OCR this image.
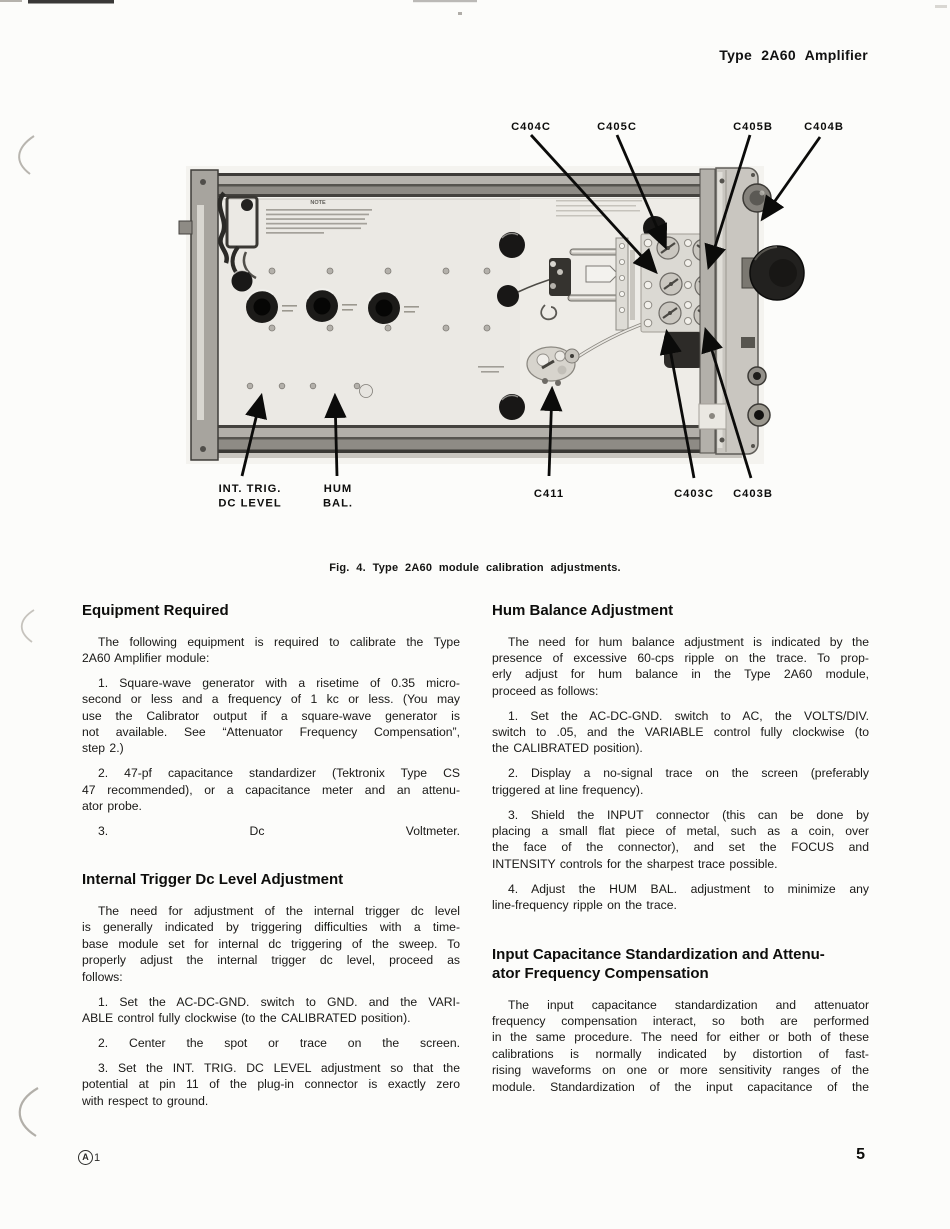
Type 2A60 Amplifier
NOTE
C404C	C405C	C405B	C404B
INT. TRIG.
DC LEVEL
HUM
BAL.
C411	C403C C403B
Fig. 4. Type 2A60 module calibration adjustments.
Equipment Required
The following equipment is required to calibrate the Type
2A60 Amplifier module:
1. Square-wave generator with a risetime of 0.35 micro-
second or less and a frequency of 1 kc or less. (You may
use the Calibrator output if a square-wave generator is
not available. See “Attenuator Frequency Compensation”,
step 2.)
2. 47-pf capacitance standardizer (Tektronix Type CS
47 recommended), or a capacitance meter and an attenu-
ator probe.
3. Dc Voltmeter.
Internal Trigger Dc Level Adjustment
The need for adjustment of the internal trigger dc level
is generally indicated by triggering difficulties with a time-
base module set for internal dc triggering of the sweep. To
properly adjust the internal trigger dc level, proceed as
follows:
1. Set the AC-DC-GND. switch to GND. and the VARI-
ABLE control fully clockwise (to the CALIBRATED position).
2. Center the spot or trace on the screen.
3. Set the INT. TRIG. DC LEVEL adjustment so that the
potential at pin 11 of the plug-in connector is exactly zero
with respect to ground.
Hum Balance Adjustment
The need for hum balance adjustment is indicated by the
presence of excessive 60-cps ripple on the trace. To prop-
erly adjust for hum balance in the Type 2A60 module,
proceed as follows:
1. Set the AC-DC-GND. switch to AC, the VOLTS/DIV.
switch to .05, and the VARIABLE control fully clockwise (to
the CALIBRATED position).
2. Display a no-signal trace on the screen (preferably
triggered at line frequency).
3. Shield the INPUT connector (this can be done by
placing a small flat piece of metal, such as a coin, over
the face of the connector), and set the FOCUS and
INTENSITY controls for the sharpest trace possible.
4. Adjust the HUM BAL. adjustment to minimize any
line-frequency ripple on the trace.
Input Capacitance Standardization and Attenu-
ator Frequency Compensation
The input capacitance standardization and attenuator
frequency compensation interact, so both are performed
in the same procedure. The need for either or both of these
calibrations is normally indicated by distortion of fast-
rising waveforms on one or more sensitivity ranges of the
module. Standardization of the input capacitance of the
A 1	5
